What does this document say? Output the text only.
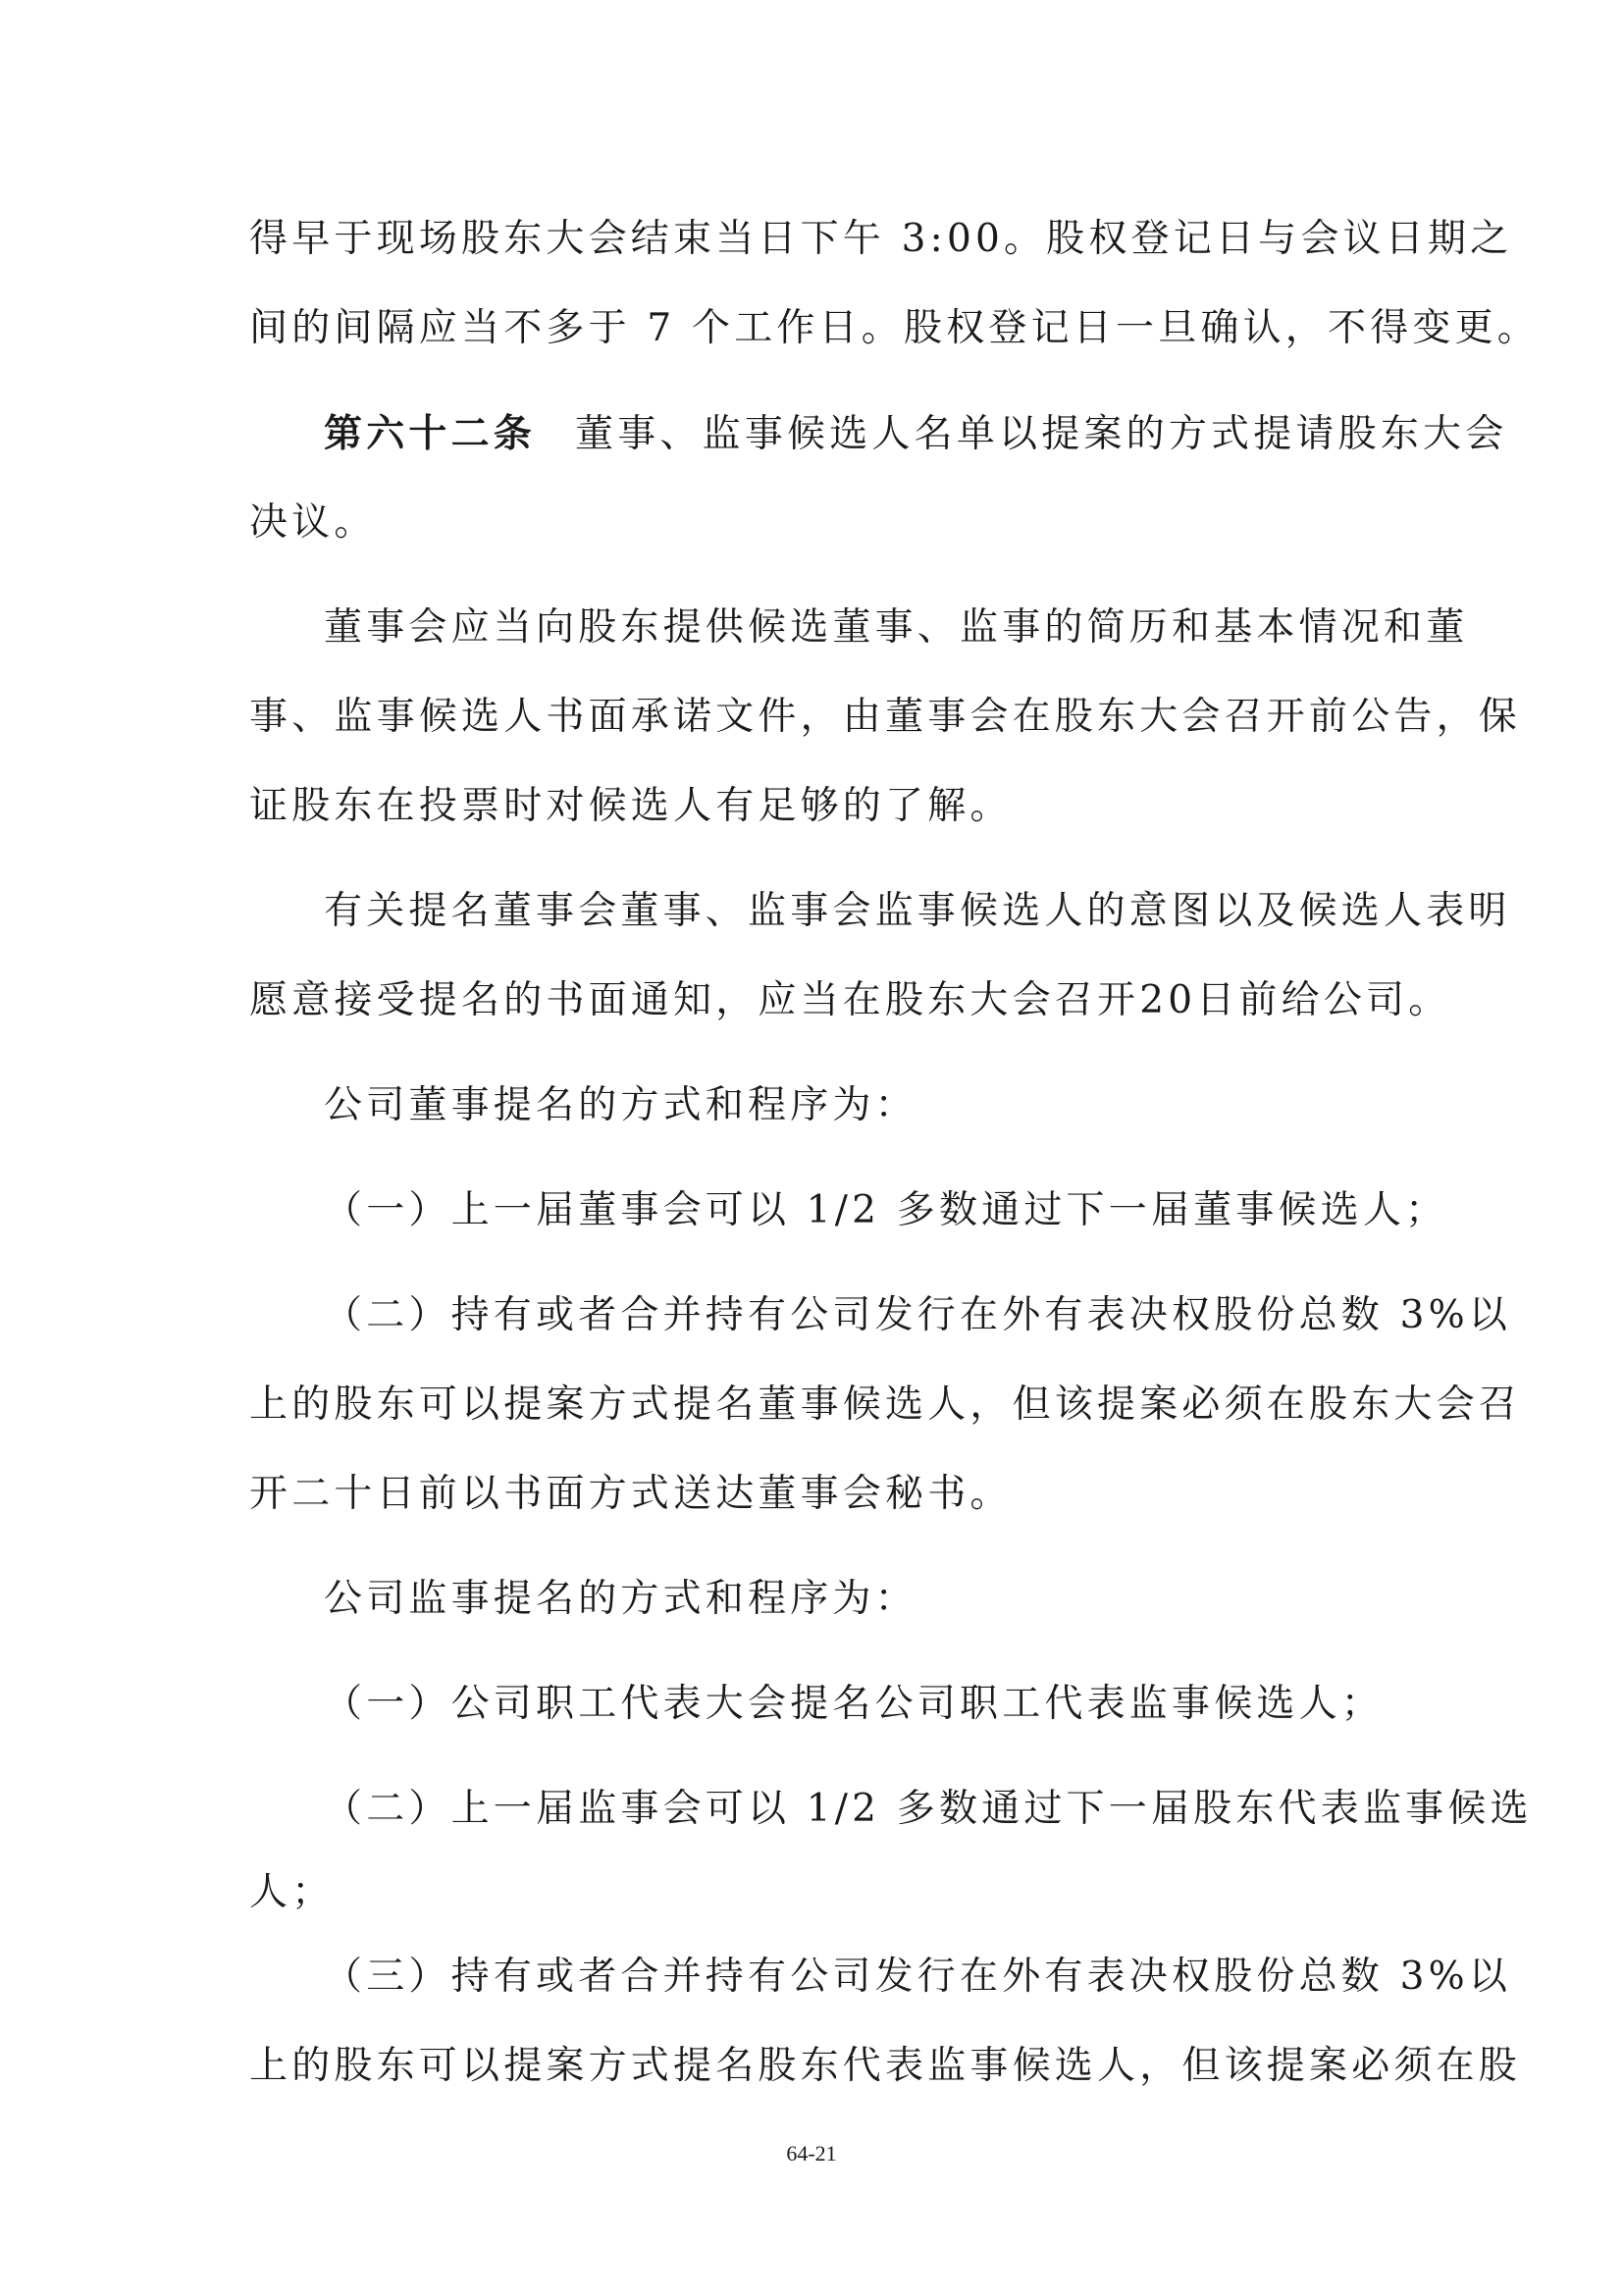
得早于现场股东大会结束当日下午 3:00。股权登记日与会议日期之
间的间隔应当不多于 7 个工作日。股权登记日一旦确认，不得变更。
第六十二条 董事、监事候选人名单以提案的方式提请股东大会
决议。
董事会应当向股东提供候选董事、监事的简历和基本情况和董
事、监事候选人书面承诺文件，由董事会在股东大会召开前公告，保
证股东在投票时对候选人有足够的了解。
有关提名董事会董事、监事会监事候选人的意图以及候选人表明
愿意接受提名的书面通知，应当在股东大会召开20日前给公司。
公司董事提名的方式和程序为：
（一）上一届董事会可以 1/2 多数通过下一届董事候选人；
（二）持有或者合并持有公司发行在外有表决权股份总数 3%以
上的股东可以提案方式提名董事候选人，但该提案必须在股东大会召
开二十日前以书面方式送达董事会秘书。
公司监事提名的方式和程序为：
（一）公司职工代表大会提名公司职工代表监事候选人；
（二）上一届监事会可以 1/2 多数通过下一届股东代表监事候选
人；
（三）持有或者合并持有公司发行在外有表决权股份总数 3%以
上的股东可以提案方式提名股东代表监事候选人，但该提案必须在股
64-21
